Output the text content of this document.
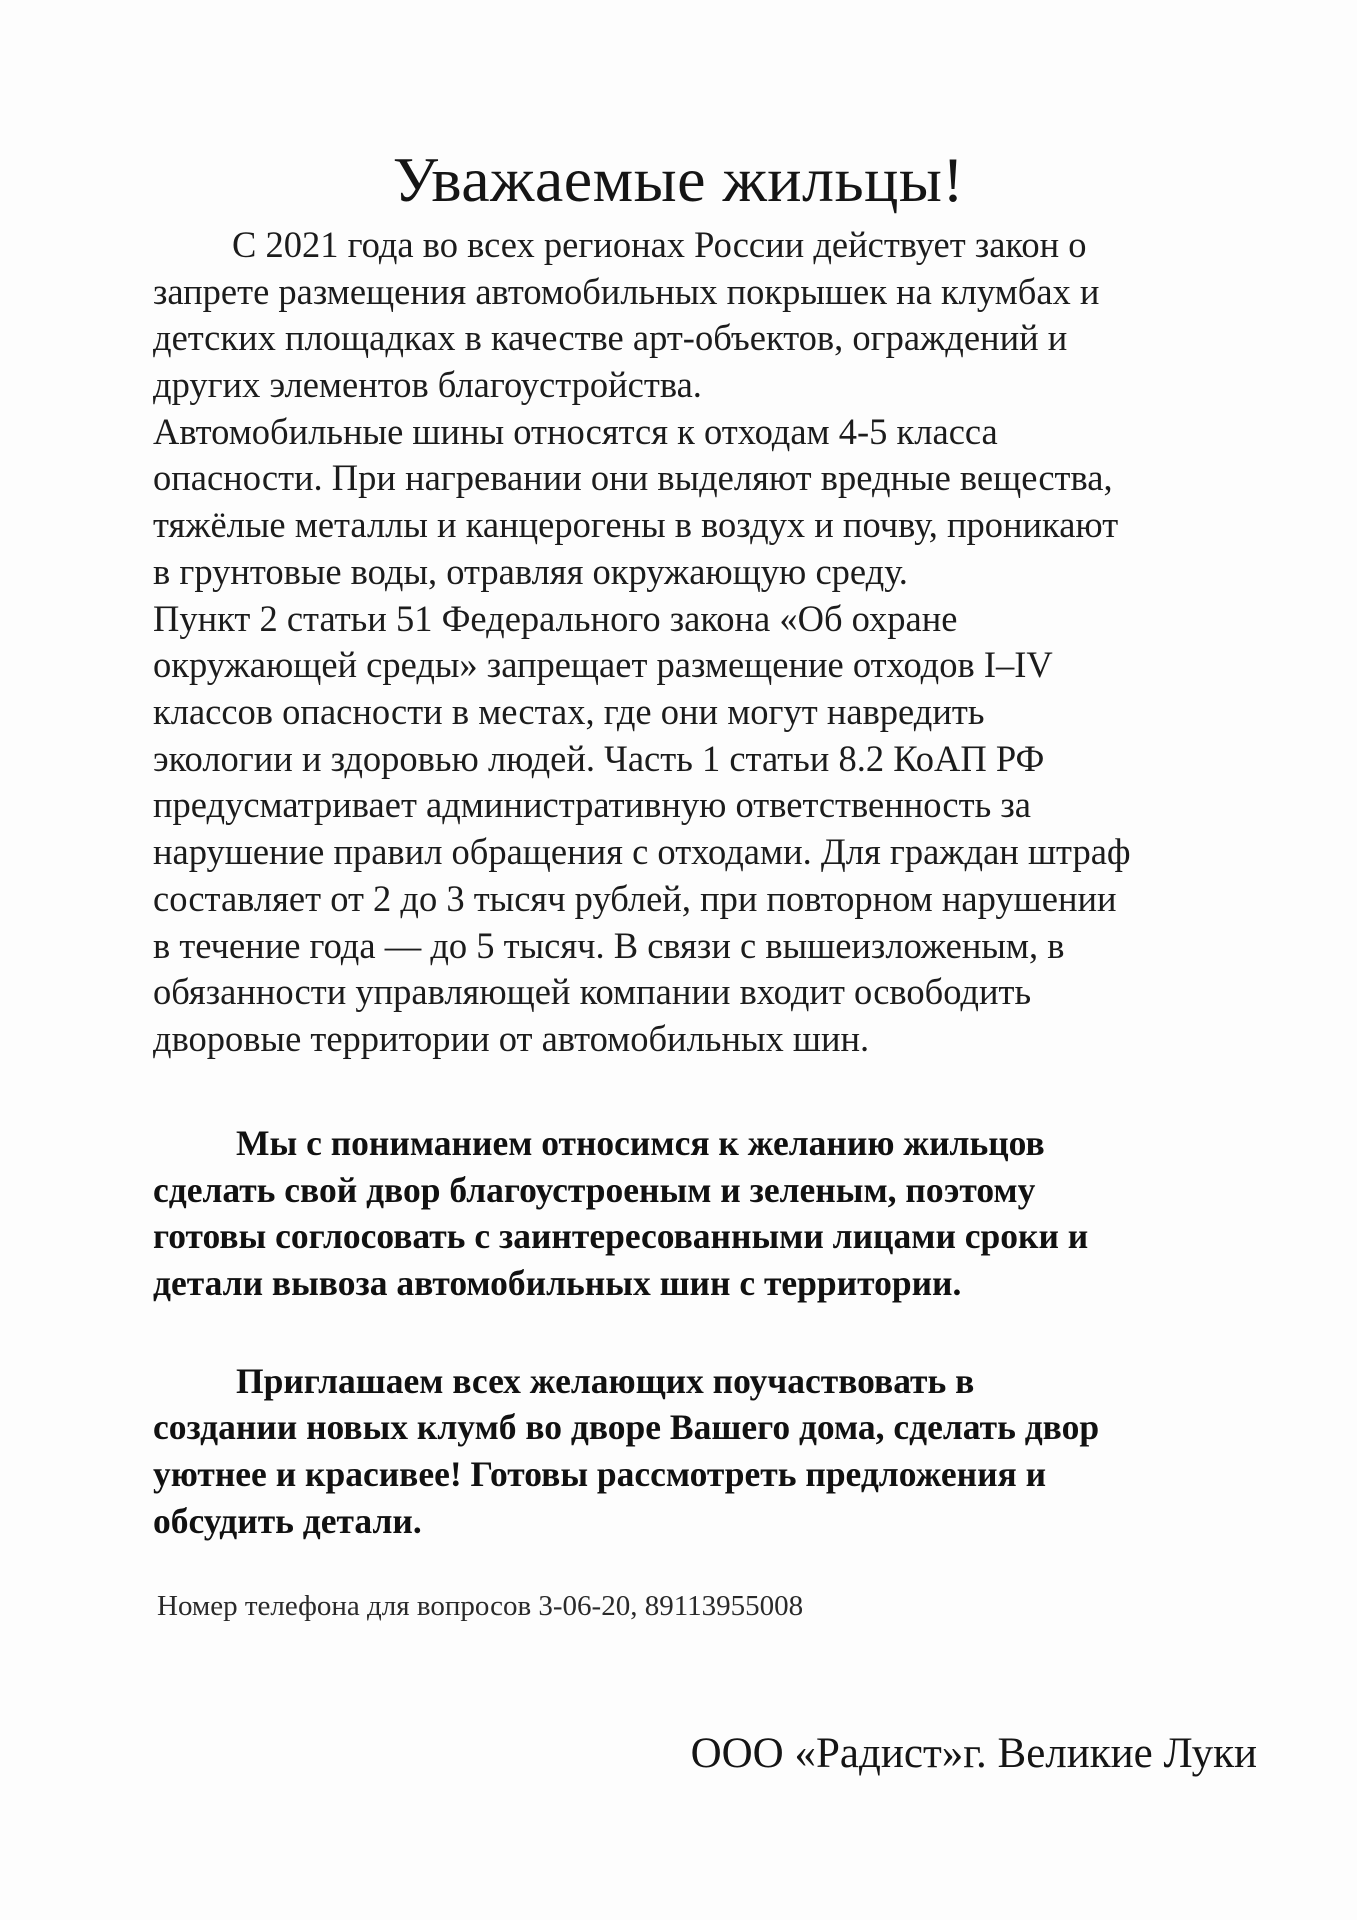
Уважаемые жильцы!

С 2021 года во всех регионах России действует закон о

запрете размещения автомобильных покрышек на клумбах и

детских площадках в качестве арт-объектов, ограждений и

других элементов благоустройства.

Автомобильные шины относятся к отходам 4-5 класса

опасности. При нагревании они выделяют вредные вещества,

тяжёлые металлы и канцерогены в воздух и почву, проникают

в грунтовые воды, отравляя окружающую среду.

Пункт 2 статьи 51 Федерального закона «Об охране

окружающей среды» запрещает размещение отходов I–IV

классов опасности в местах, где они могут навредить

экологии и здоровью людей. Часть 1 статьи 8.2 КоАП РФ

предусматривает административную ответственность за

нарушение правил обращения с отходами. Для граждан штраф

составляет от 2 до 3 тысяч рублей, при повторном нарушении

в течение года — до 5 тысяч. В связи с вышеизложеным, в

обязанности управляющей компании входит освободить

дворовые территории от автомобильных шин.

Мы с пониманием относимся к желанию жильцов

сделать свой двор благоустроеным и зеленым, поэтому

готовы соглосовать с заинтересованными лицами сроки и

детали вывоза автомобильных шин с территории.

Приглашаем всех желающих поучаствовать в

создании новых клумб во дворе Вашего дома, сделать двор

уютнее и красивее! Готовы рассмотреть предложения и

обсудить детали.

Номер телефона для вопросов 3-06-20, 89113955008

ООО «Радист»г. Великие Луки
